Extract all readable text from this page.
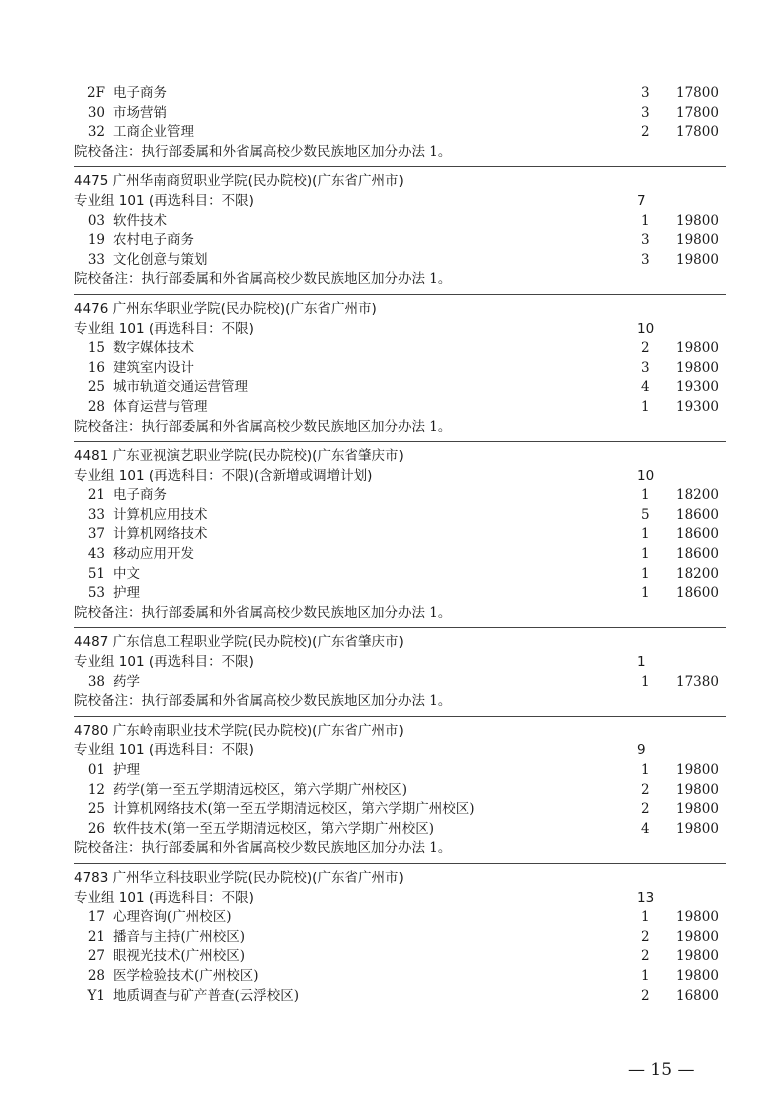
2F 电子商务	3 17800
30 市场营销	3 17800
32 工商企业管理	2 17800
院校备注：执行部委属和外省属高校少数民族地区加分办法 1。
4475 广州华南商贸职业学院(民办院校)(广东省广州市)
专业组 101 (再选科目：不限)	7
03 软件技术	1 19800
19 农村电子商务	3 19800
33 文化创意与策划	3 19800
院校备注：执行部委属和外省属高校少数民族地区加分办法 1。
4476 广州东华职业学院(民办院校)(广东省广州市)
专业组 101 (再选科目：不限)	10
15 数字媒体技术	2 19800
16 建筑室内设计	3 19800
25 城市轨道交通运营管理	4 19300
28 体育运营与管理	1 19300
院校备注：执行部委属和外省属高校少数民族地区加分办法 1。
4481 广东亚视演艺职业学院(民办院校)(广东省肇庆市)
专业组 101 (再选科目：不限)(含新增或调增计划)	10
21 电子商务	1 18200
33 计算机应用技术	5 18600
37 计算机网络技术	1 18600
43 移动应用开发	1 18600
51 中文	1 18200
53 护理	1 18600
院校备注：执行部委属和外省属高校少数民族地区加分办法 1。
4487 广东信息工程职业学院(民办院校)(广东省肇庆市)
专业组 101 (再选科目：不限)	1
38 药学	1 17380
院校备注：执行部委属和外省属高校少数民族地区加分办法 1。
4780 广东岭南职业技术学院(民办院校)(广东省广州市)
专业组 101 (再选科目：不限)	9
01 护理	1 19800
12 药学(第一至五学期清远校区，第六学期广州校区)	2 19800
25 计算机网络技术(第一至五学期清远校区，第六学期广州校区)	2 19800
26 软件技术(第一至五学期清远校区，第六学期广州校区)	4 19800
院校备注：执行部委属和外省属高校少数民族地区加分办法 1。
4783 广州华立科技职业学院(民办院校)(广东省广州市)
专业组 101 (再选科目：不限)	13
17 心理咨询(广州校区)	1 19800
21 播音与主持(广州校区)	2 19800
27 眼视光技术(广州校区)	2 19800
28 医学检验技术(广州校区)	1 19800
Y1 地质调查与矿产普查(云浮校区)	2 16800
— 15 —
